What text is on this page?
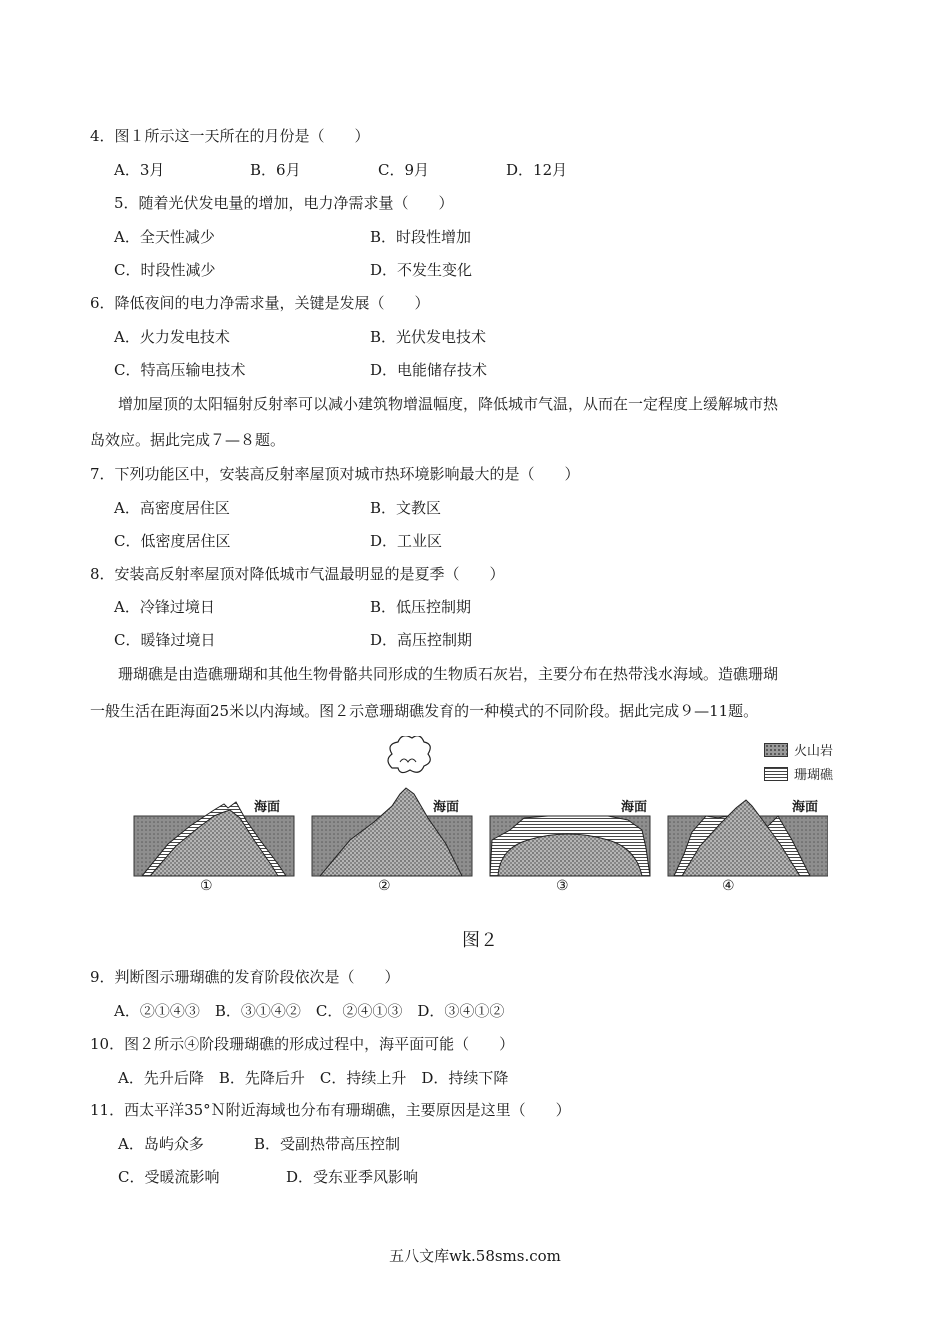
4．图１所示这一天所在的月份是（　　）
A．3月	B．6月	C．9月	D．12月
5．随着光伏发电量的增加，电力净需求量（　　）
A．全天性减少	B．时段性增加
C．时段性减少	D．不发生变化
6．降低夜间的电力净需求量，关键是发展（　　）
A．火力发电技术	B．光伏发电技术
C．特高压输电技术	D．电能储存技术
增加屋顶的太阳辐射反射率可以减小建筑物增温幅度，降低城市气温，从而在一定程度上缓解城市热
岛效应。据此完成７—８题。
7．下列功能区中，安装高反射率屋顶对城市热环境影响最大的是（　　）
A．高密度居住区	B．文教区
C．低密度居住区	D．工业区
8．安装高反射率屋顶对降低城市气温最明显的是夏季（　　）
A．冷锋过境日	B．低压控制期
C．暖锋过境日	D．高压控制期
珊瑚礁是由造礁珊瑚和其他生物骨骼共同形成的生物质石灰岩，主要分布在热带浅水海域。造礁珊瑚
一般生活在距海面25米以内海域。图２示意珊瑚礁发育的一种模式的不同阶段。据此完成９—11题。
火山岩
珊瑚礁
海面	海面	海面	海面
①	②	③	④
图２
9．判断图示珊瑚礁的发育阶段依次是（　　）
A．②①④③　B．③①④②　C．②④①③　D．③④①②
10．图２所示④阶段珊瑚礁的形成过程中，海平面可能（　　）
A．先升后降　B．先降后升　C．持续上升　D．持续下降
11．西太平洋35°Ｎ附近海域也分布有珊瑚礁，主要原因是这里（　　）
A．岛屿众多	B．受副热带高压控制
C．受暖流影响	D．受东亚季风影响
五八文库wk.58sms.com
